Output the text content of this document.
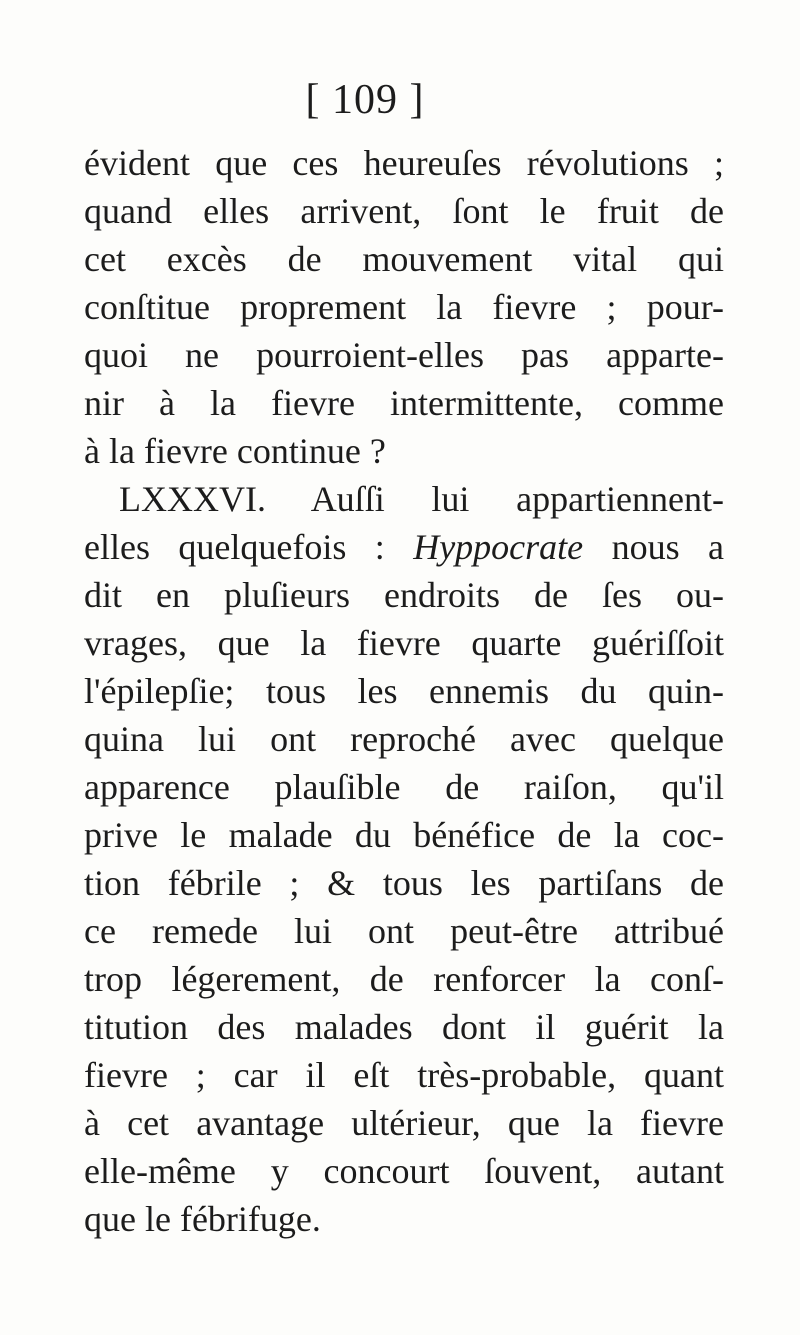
[ 109 ]
évident que ces heureuſes révolutions ;
quand elles arrivent, ſont le fruit de
cet excès de mouvement vital qui
conſtitue proprement la fievre ; pour-
quoi ne pourroient-elles pas apparte-
nir à la fievre intermittente, comme
à la fievre continue ?
LXXXVI. Auſſi lui appartiennent-
elles quelquefois : Hyppocrate nous a
dit en pluſieurs endroits de ſes ou-
vrages, que la fievre quarte guériſſoit
l'épilepſie; tous les ennemis du quin-
quina lui ont reproché avec quelque
apparence plauſible de raiſon, qu'il
prive le malade du bénéfice de la coc-
tion fébrile ; & tous les partiſans de
ce remede lui ont peut-être attribué
trop légerement, de renforcer la conſ-
titution des malades dont il guérit la
fievre ; car il eſt très-probable, quant
à cet avantage ultérieur, que la fievre
elle-même y concourt ſouvent, autant
que le fébrifuge.
